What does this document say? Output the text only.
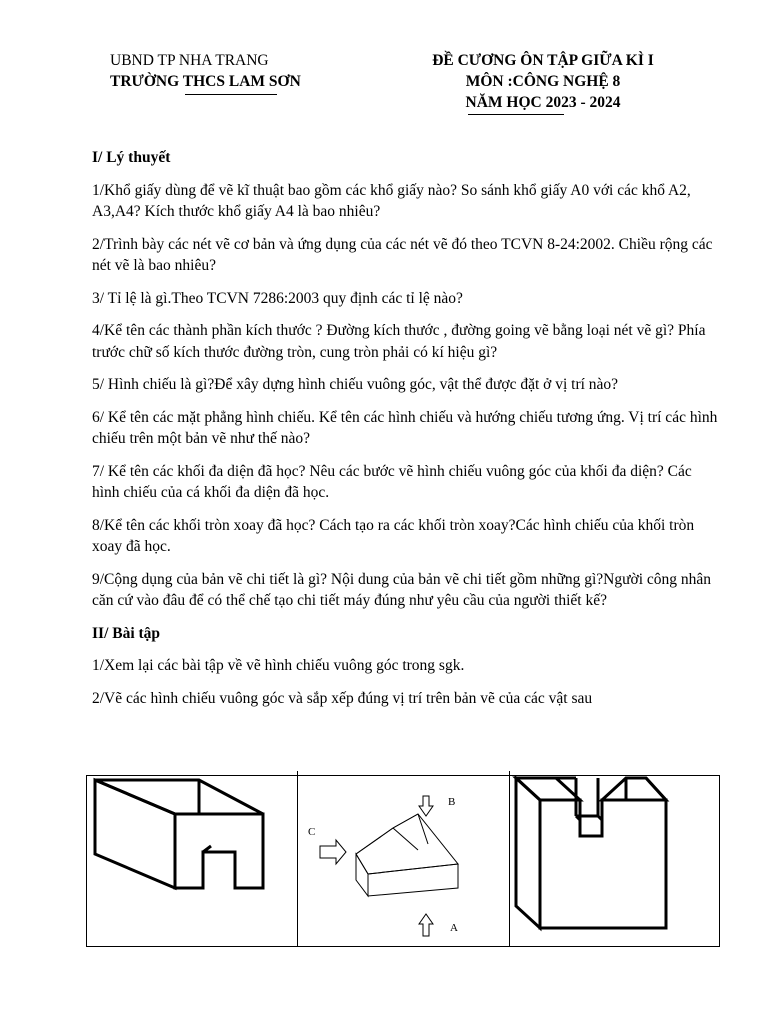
UBND TP NHA TRANG
TRƯỜNG THCS LAM SƠN
ĐỀ CƯƠNG ÔN TẬP GIỮA KÌ I
MÔN :CÔNG NGHỆ 8
NĂM HỌC 2023 - 2024
I/ Lý thuyết

1/Khổ giấy dùng để vẽ kĩ thuật bao gồm các khổ giấy nào? So sánh khổ giấy A0 với các khổ A2, A3,A4? Kích thước khổ giấy A4 là bao nhiêu?

2/Trình bày các nét vẽ cơ bản và ứng dụng của các nét vẽ đó theo TCVN 8-24:2002. Chiều rộng các nét vẽ là bao nhiêu?

3/ Tỉ lệ là gì.Theo TCVN 7286:2003 quy định các tỉ lệ nào?

4/Kể tên các thành phần kích thước ? Đường kích thước , đường going vẽ bằng loại nét vẽ gì? Phía trước chữ số kích thước đường tròn, cung tròn phải có kí hiệu gì?

5/ Hình chiếu là gì?Để xây dựng hình chiếu vuông góc, vật thể được đặt ở vị trí nào?

6/ Kể tên các mặt phẳng hình chiếu. Kể tên các hình chiếu và hướng chiếu tương ứng. Vị trí các hình chiếu trên một bản vẽ như thế nào?

7/ Kể tên các khối đa diện đã học? Nêu các bước vẽ hình chiếu vuông góc của khối đa diện? Các hình chiếu của cá khối đa diện đã học.

8/Kể tên các khối tròn xoay đã học? Cách tạo ra các khối tròn xoay?Các hình chiếu của khối tròn xoay đã học.

9/Cộng dụng của bản vẽ chi tiết là gì? Nội dung của bản vẽ chi tiết gồm những gì?Người công nhân căn cứ vào đâu để có thể chế tạo chi tiết máy đúng như yêu cầu của người thiết kế?

II/ Bài tập

1/Xem lại các bài tập về vẽ hình chiếu vuông góc trong sgk.

2/Vẽ các hình chiếu vuông góc và sắp xếp đúng vị trí trên bản vẽ của các vật sau

C
B
A
